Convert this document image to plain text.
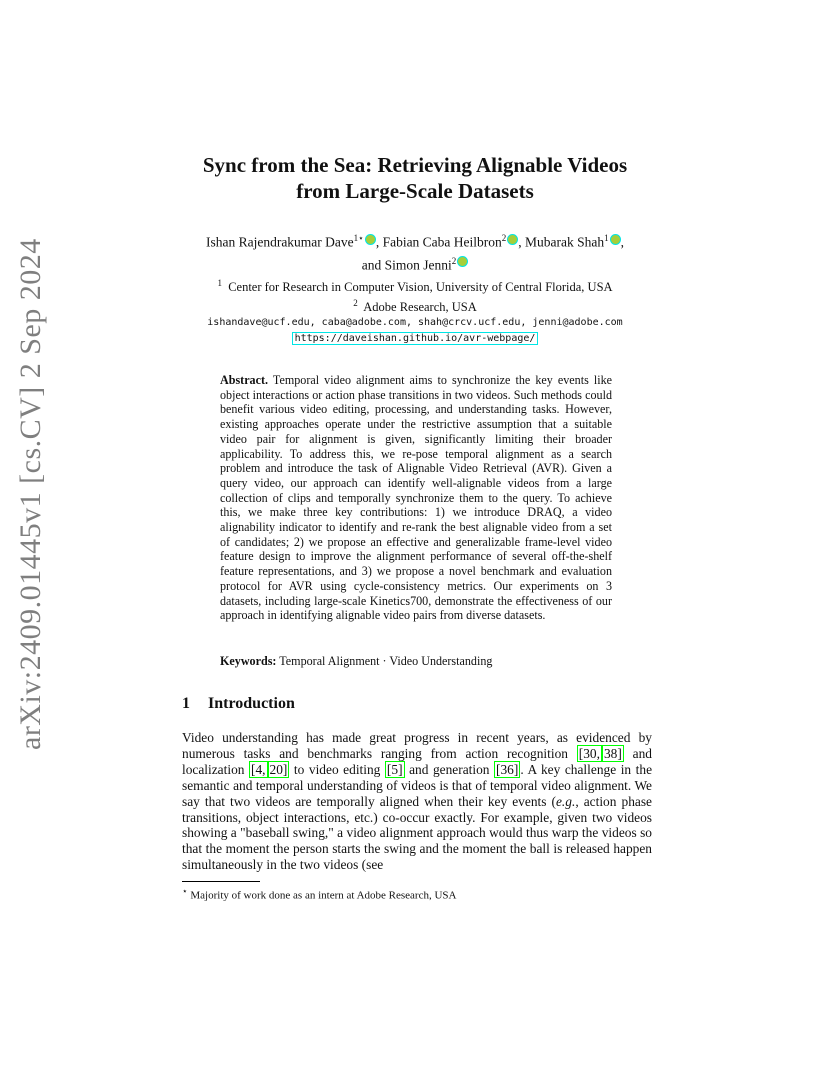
arXiv:2409.01445v1 [cs.CV] 2 Sep 2024
Sync from the Sea: Retrieving Alignable Videos
from Large-Scale Datasets
Ishan Rajendrakumar Dave$^{1⋆}$ , Fabian Caba Heilbron$^2$ , Mubarak Shah$^1$ ,
and Simon Jenni$^2$
$^1$ Center for Research in Computer Vision, University of Central Florida, USA
$^2$ Adobe Research, USA
ishandave@ucf.edu, caba@adobe.com, shah@crcv.ucf.edu, jenni@adobe.com
https://daveishan.github.io/avr-webpage/
Abstract. Temporal video alignment aims to synchronize the key events like object interactions or action phase transitions in two videos. Such methods could benefit various video editing, processing, and understanding tasks. However, existing approaches operate under the restrictive assumption that a suitable video pair for alignment is given, significantly limiting their broader applicability. To address this, we re-pose temporal alignment as a search problem and introduce the task of Alignable Video Retrieval (AVR). Given a query video, our approach can identify well-alignable videos from a large collection of clips and temporally synchronize them to the query. To achieve this, we make three key contributions: 1) we introduce DRAQ, a video alignability indicator to identify and re-rank the best alignable video from a set of candidates; 2) we propose an effective and generalizable frame-level video feature design to improve the alignment performance of several off-the-shelf feature representations, and 3) we propose a novel benchmark and evaluation protocol for AVR using cycle-consistency metrics. Our experiments on 3 datasets, including large-scale Kinetics700, demonstrate the effectiveness of our approach in identifying alignable video pairs from diverse datasets.
Keywords: Temporal Alignment · Video Understanding
1 Introduction
Video understanding has made great progress in recent years, as evidenced by numerous tasks and benchmarks ranging from action recognition [30, 38] and localization [4, 20] to video editing [5] and generation [36] . A key challenge in the semantic and temporal understanding of videos is that of temporal video alignment. We say that two videos are temporally aligned when their key events (e.g., action phase transitions, object interactions, etc.) co-occur exactly. For example, given two videos showing a "baseball swing," a video alignment approach would thus warp the videos so that the moment the person starts the swing and the moment the ball is released happen simultaneously in the two videos (see
⋆ Majority of work done as an intern at Adobe Research, USA
